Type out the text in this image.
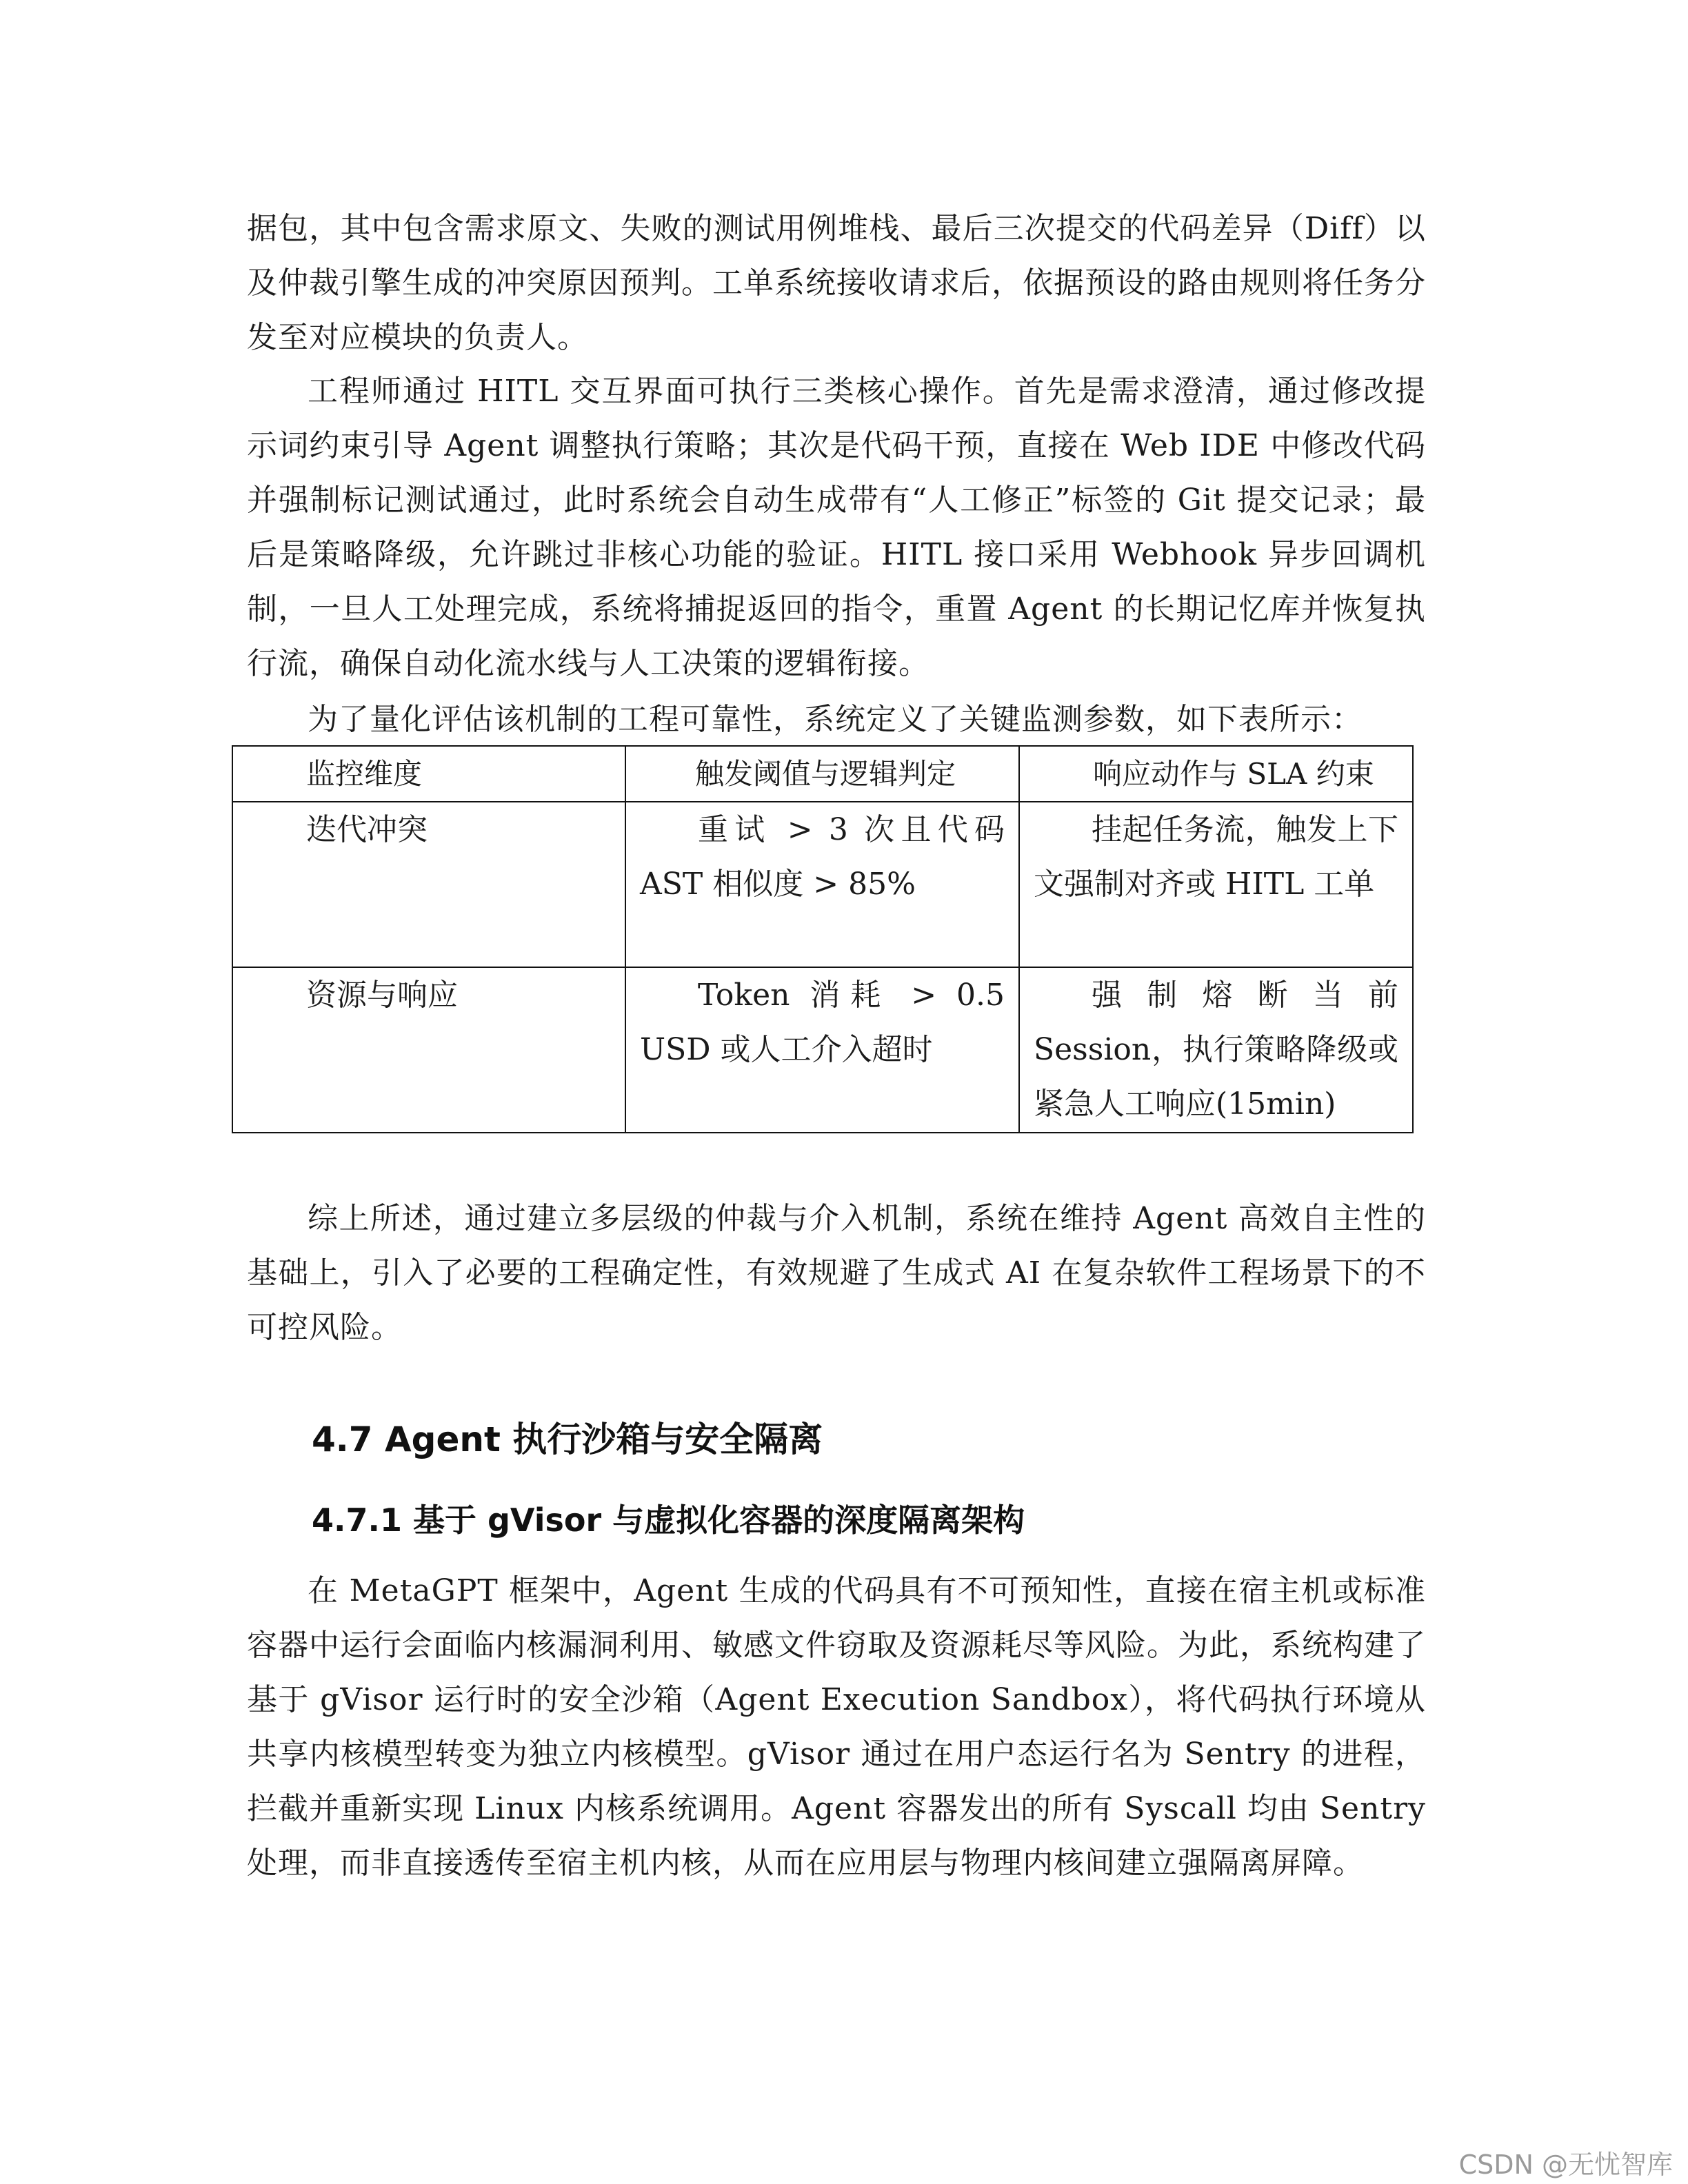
据包，其中包含需求原文、失败的测试用例堆栈、最后三次提交的代码差异（Diff）以及仲裁引擎生成的冲突原因预判。工单系统接收请求后，依据预设的路由规则将任务分发至对应模块的负责人。

工程师通过 HITL 交互界面可执行三类核心操作。首先是需求澄清，通过修改提示词约束引导 Agent 调整执行策略；其次是代码干预，直接在 Web IDE 中修改代码并强制标记测试通过，此时系统会自动生成带有“人工修正”标签的 Git 提交记录；最后是策略降级，允许跳过非核心功能的验证。HITL 接口采用 Webhook 异步回调机制，一旦人工处理完成，系统将捕捉返回的指令，重置 Agent 的长期记忆库并恢复执行流，确保自动化流水线与人工决策的逻辑衔接。

为了量化评估该机制的工程可靠性，系统定义了关键监测参数，如下表所示：

监控维度	触发阈值与逻辑判定	响应动作与 SLA 约束
迭代冲突	重试 > 3 次且代码 AST 相似度 > 85%	挂起任务流，触发上下文强制对齐或 HITL 工单
资源与响应	Token 消耗 > 0.5 USD 或人工介入超时	强制熔断当前 Session，执行策略降级或紧急人工响应(15min)

综上所述，通过建立多层级的仲裁与介入机制，系统在维持 Agent 高效自主性的基础上，引入了必要的工程确定性，有效规避了生成式 AI 在复杂软件工程场景下的不可控风险。

4.7 Agent 执行沙箱与安全隔离
4.7.1 基于 gVisor 与虚拟化容器的深度隔离架构

在 MetaGPT 框架中，Agent 生成的代码具有不可预知性，直接在宿主机或标准容器中运行会面临内核漏洞利用、敏感文件窃取及资源耗尽等风险。为此，系统构建了基于 gVisor 运行时的安全沙箱（Agent Execution Sandbox），将代码执行环境从共享内核模型转变为独立内核模型。gVisor 通过在用户态运行名为 Sentry 的进程，拦截并重新实现 Linux 内核系统调用。Agent 容器发出的所有 Syscall 均由 Sentry 处理，而非直接透传至宿主机内核，从而在应用层与物理内核间建立强隔离屏障。

CSDN @无忧智库
